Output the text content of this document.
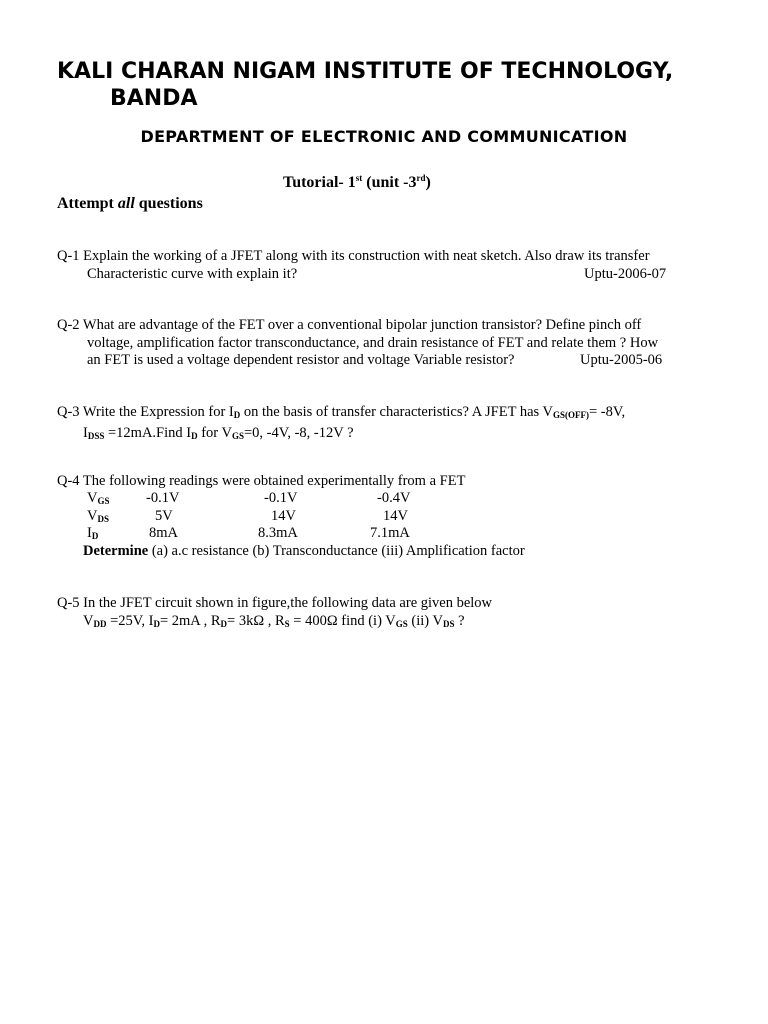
KALI CHARAN NIGAM INSTITUTE OF TECHNOLOGY,
BANDA
DEPARTMENT OF ELECTRONIC AND COMMUNICATION

Tutorial- 1st (unit -3rd)

Attempt all questions

Q-1 Explain the working of a JFET along with its construction with neat sketch. Also draw its transfer
Characteristic curve with explain it?	Uptu-2006-07
Q-2 What are advantage of the FET over a conventional bipolar junction transistor? Define pinch off
voltage, amplification factor transconductance, and drain resistance of FET and relate them ? How
an FET is used a voltage dependent resistor and voltage Variable resistor?	Uptu-2005-06
Q-3 Write the Expression for $I_D$ on the basis of transfer characteristics? A JFET has $V_{GS(OFF)}= -8V$,
$I_{DSS}$ =12mA.Find $I_D$ for $V_{GS}=0$, -4V, -8, -12V ?
Q-4 The following readings were obtained experimentally from a FET
$V_{GS}$	-0.1V	-0.1V	-0.4V
$V_{DS}$	5V	14V	14V
$I_D$	8mA	8.3mA	7.1mA
Determine (a) a.c resistance (b) Transconductance (iii) Amplification factor
Q-5 In the JFET circuit shown in figure,the following data are given below
$V_{DD} =25V$, $I_D= 2mA$ , $R_D= 3k\Omega$ , $R_S = 400\Omega$ find (i) $V_{GS}$ (ii) $V_{DS}$ ?
